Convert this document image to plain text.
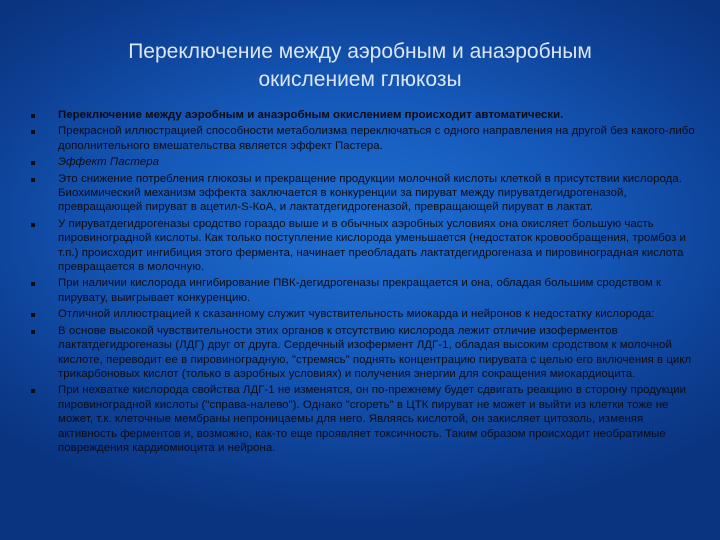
Переключение между аэробным и анаэробным
окислением глюкозы
Переключение между аэробным и анаэробным окислением происходит автоматически.
Прекрасной иллюстрацией способности метаболизма переключаться с одного направления на другой без какого-либо дополнительного вмешательства является эффект Пастера.
Эффект Пастера
Это снижение потребления глюкозы и прекращение продукции молочной кислоты клеткой в присутствии кислорода. Биохимический механизм эффекта заключается в конкуренции за пируват между пируватдегидрогеназой, превращающей пируват в ацетил-S-КоА, и лактатдегидрогеназой, превращающей пируват в лактат.
У пируватдегидрогеназы сродство гораздо выше и в обычных аэробных условиях она окисляет большую часть пировиноградной кислоты. Как только поступление кислорода уменьшается (недостаток кровообращения, тромбоз и т.п.) происходит ингибиция этого фермента, начинает преобладать лактатдегидрогеназа и пировиноградная кислота превращается в молочную.
При наличии кислорода ингибирование ПВК-дегидрогеназы прекращается и она, обладая большим сродством к пирувату, выигрывает конкуренцию.
Отличной иллюстрацией к сказанному служит чувствительность миокарда и нейронов к недостатку кислорода:
В основе высокой чувствительности этих органов к отсутствию кислорода лежит отличие изоферментов лактатдегидрогеназы (ЛДГ) друг от друга. Сердечный изофермент ЛДГ-1, обладая высоким сродством к молочной кислоте, переводит ее в пировиноградную, "стремясь" поднять концентрацию пирувата с целью его включения в цикл трикарбоновых кислот (только в аэробных условиях) и получения энергии для сокращения миокардиоцита.
При нехватке кислорода свойства ЛДГ-1 не изменятся, он по-прежнему будет сдвигать реакцию в сторону продукции пировиноградной кислоты ("справа-налево"). Однако "сгореть" в ЦТК пируват не может и выйти из клетки тоже не может, т.к. клеточные мембраны непроницаемы для него. Являясь кислотой, он закисляет цитозоль, изменяя активность ферментов и, возможно, как-то еще проявляет токсичность. Таким образом происходит необратимые повреждения кардиомиоцита и нейрона.
